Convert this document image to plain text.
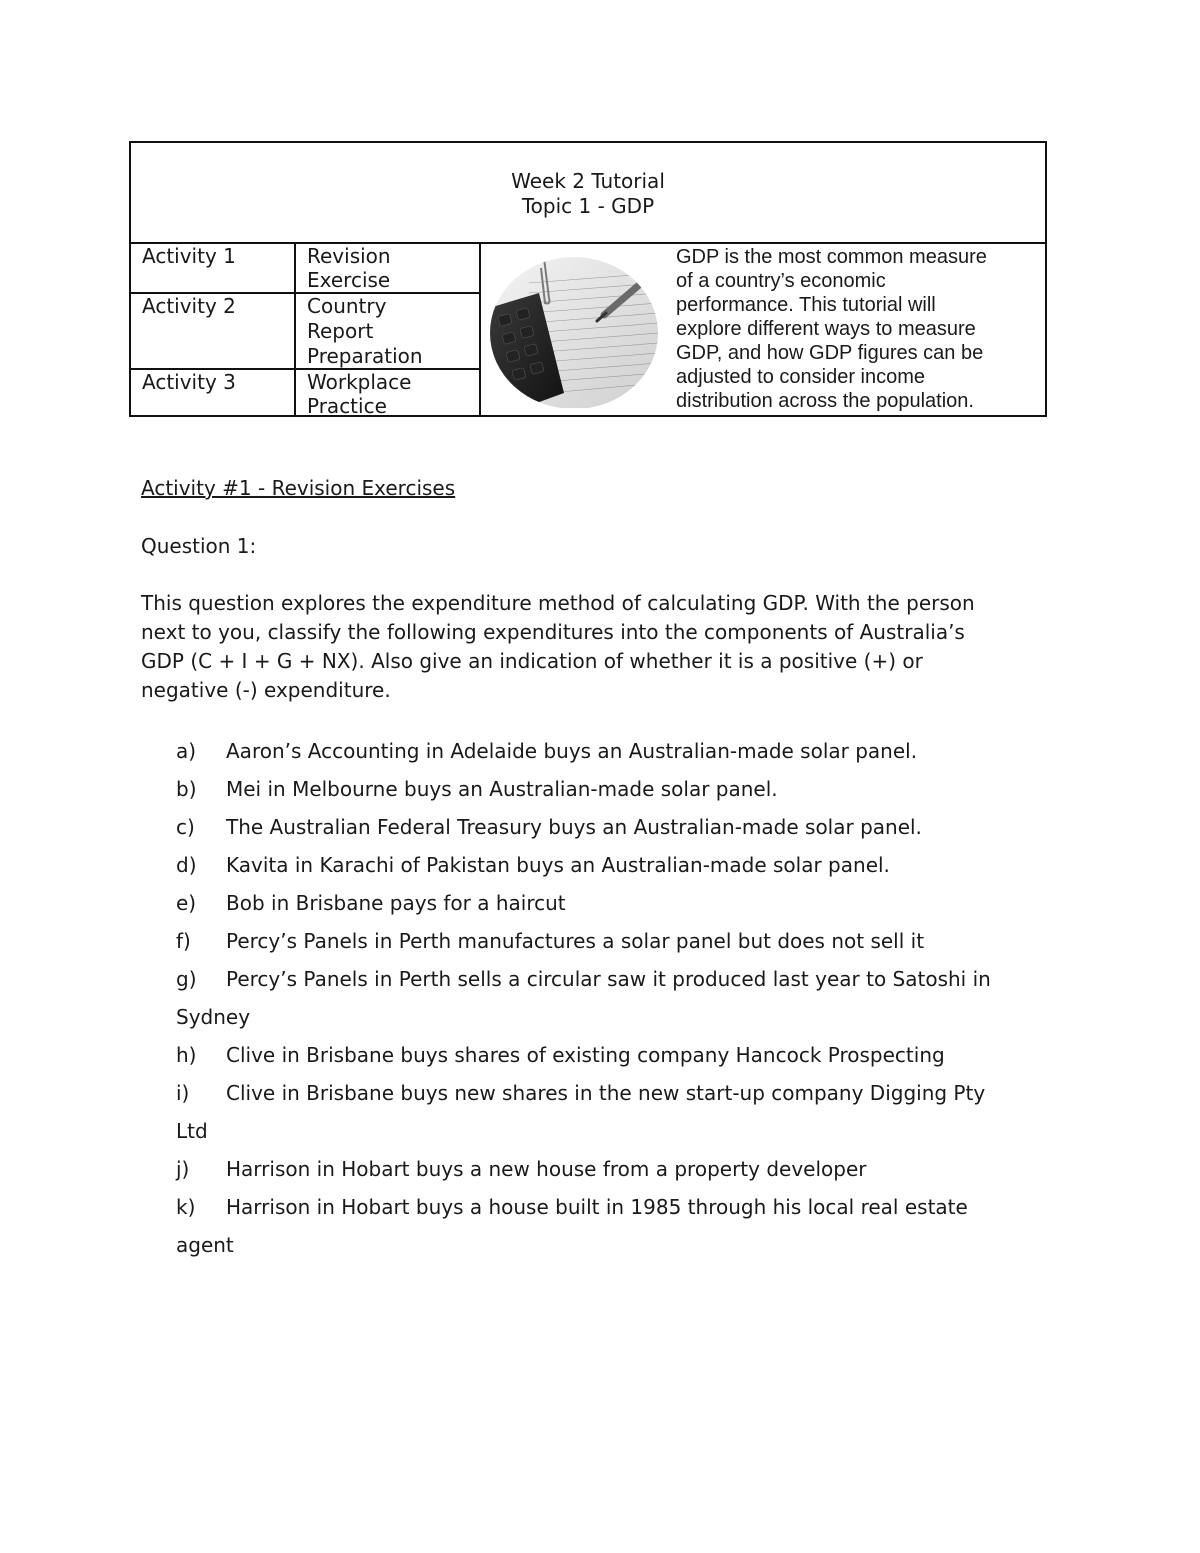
Week 2 Tutorial
Topic 1 - GDP
Activity 1	Revision
Exercise
Activity 2	Country
Report
Preparation
Activity 3	Workplace
Practice
GDP is the most common measure
of a country’s economic
performance. This tutorial will
explore different ways to measure
GDP, and how GDP figures can be
adjusted to consider income
distribution across the population.
Activity #1 - Revision Exercises
Question 1:
This question explores the expenditure method of calculating GDP. With the person
next to you, classify the following expenditures into the components of Australia’s
GDP (C + I + G + NX). Also give an indication of whether it is a positive (+) or
negative (-) expenditure.
a) Aaron’s Accounting in Adelaide buys an Australian-made solar panel.
b) Mei in Melbourne buys an Australian-made solar panel.
c) The Australian Federal Treasury buys an Australian-made solar panel.
d) Kavita in Karachi of Pakistan buys an Australian-made solar panel.
e) Bob in Brisbane pays for a haircut
f) Percy’s Panels in Perth manufactures a solar panel but does not sell it
g) Percy’s Panels in Perth sells a circular saw it produced last year to Satoshi in
Sydney
h) Clive in Brisbane buys shares of existing company Hancock Prospecting
i) Clive in Brisbane buys new shares in the new start-up company Digging Pty
Ltd
j) Harrison in Hobart buys a new house from a property developer
k) Harrison in Hobart buys a house built in 1985 through his local real estate
agent
